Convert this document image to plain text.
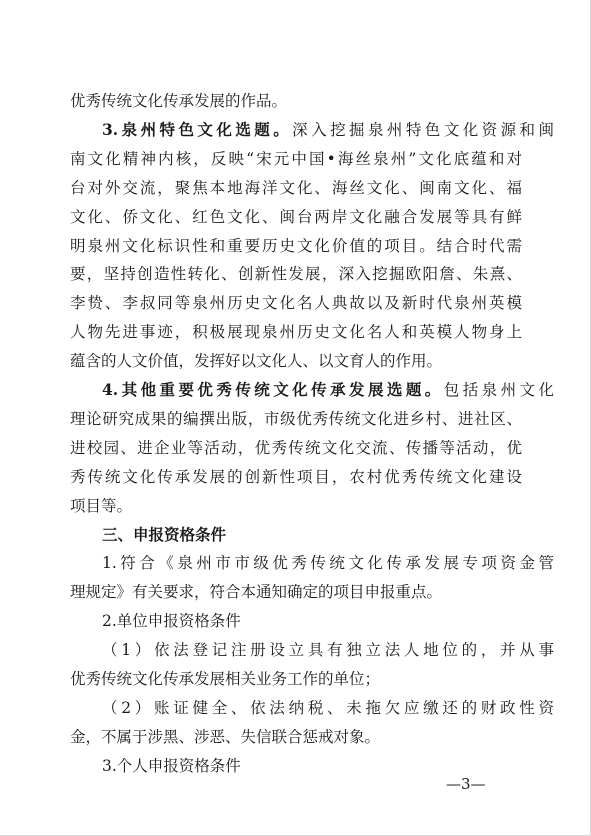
优秀传统文化传承发展的作品。
3.泉州特色文化选题。深入挖掘泉州特色文化资源和闽
南文化精神内核，反映“宋元中国•海丝泉州”文化底蕴和对
台对外交流，聚焦本地海洋文化、海丝文化、闽南文化、福
文化、侨文化、红色文化、闽台两岸文化融合发展等具有鲜
明泉州文化标识性和重要历史文化价值的项目。结合时代需
要，坚持创造性转化、创新性发展，深入挖掘欧阳詹、朱熹、
李贽、李叔同等泉州历史文化名人典故以及新时代泉州英模
人物先进事迹，积极展现泉州历史文化名人和英模人物身上
蕴含的人文价值，发挥好以文化人、以文育人的作用。
4.其他重要优秀传统文化传承发展选题。包括泉州文化
理论研究成果的编撰出版，市级优秀传统文化进乡村、进社区、
进校园、进企业等活动，优秀传统文化交流、传播等活动，优
秀传统文化传承发展的创新性项目，农村优秀传统文化建设
项目等。
三、申报资格条件
1.符合《泉州市市级优秀传统文化传承发展专项资金管
理规定》有关要求，符合本通知确定的项目申报重点。
2.单位申报资格条件
（1）依法登记注册设立具有独立法人地位的，并从事
优秀传统文化传承发展相关业务工作的单位；
（2）账证健全、依法纳税、未拖欠应缴还的财政性资
金，不属于涉黑、涉恶、失信联合惩戒对象。
3.个人申报资格条件
—3—
